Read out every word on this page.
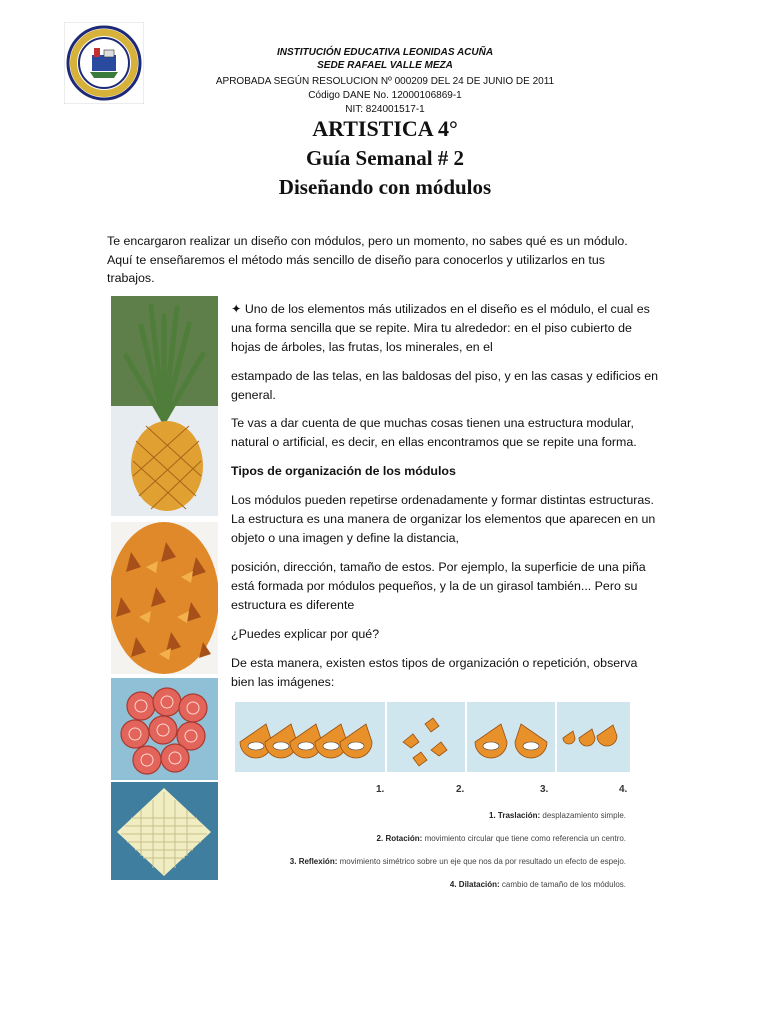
INSTITUCIÓN EDUCATIVA LEONIDAS ACUÑA
SEDE RAFAEL VALLE MEZA
APROBADA SEGÚN RESOLUCION Nº 000209 DEL 24 DE JUNIO DE 2011
Código DANE No. 12000106869-1
NIT: 824001517-1
ARTISTICA 4°
Guía Semanal # 2
Diseñando con módulos
Te encargaron realizar un diseño con módulos, pero un momento, no sabes qué es un módulo. Aquí te enseñaremos el método más sencillo de diseño para conocerlos y utilizarlos en tus trabajos.
✦ Uno de los elementos más utilizados en el diseño es el módulo, el cual es una forma sencilla que se repite. Mira tu alrededor: en el piso cubierto de hojas de árboles, las frutas, los minerales, en el
estampado de las telas, en las baldosas del piso, y en las casas y edificios en general.
Te vas a dar cuenta de que muchas cosas tienen una estructura modular, natural o artificial, es decir, en ellas encontramos que se repite una forma.
Tipos de organización de los módulos
Los módulos pueden repetirse ordenadamente y formar distintas estructuras. La estructura es una manera de organizar los elementos que aparecen en un objeto o una imagen y define la distancia,
posición, dirección, tamaño de estos. Por ejemplo, la superficie de una piña está formada por módulos pequeños, y la de un girasol también... Pero su estructura es diferente
¿Puedes explicar por qué?
De esta manera, existen estos tipos de organización o repetición, observa bien las imágenes:
1.	2.	3.	4.
1. Traslación: desplazamiento simple.
2. Rotación: movimiento circular que tiene como referencia un centro.
3. Reflexión: movimiento simétrico sobre un eje que nos da por resultado un efecto de espejo.
4. Dilatación: cambio de tamaño de los módulos.
